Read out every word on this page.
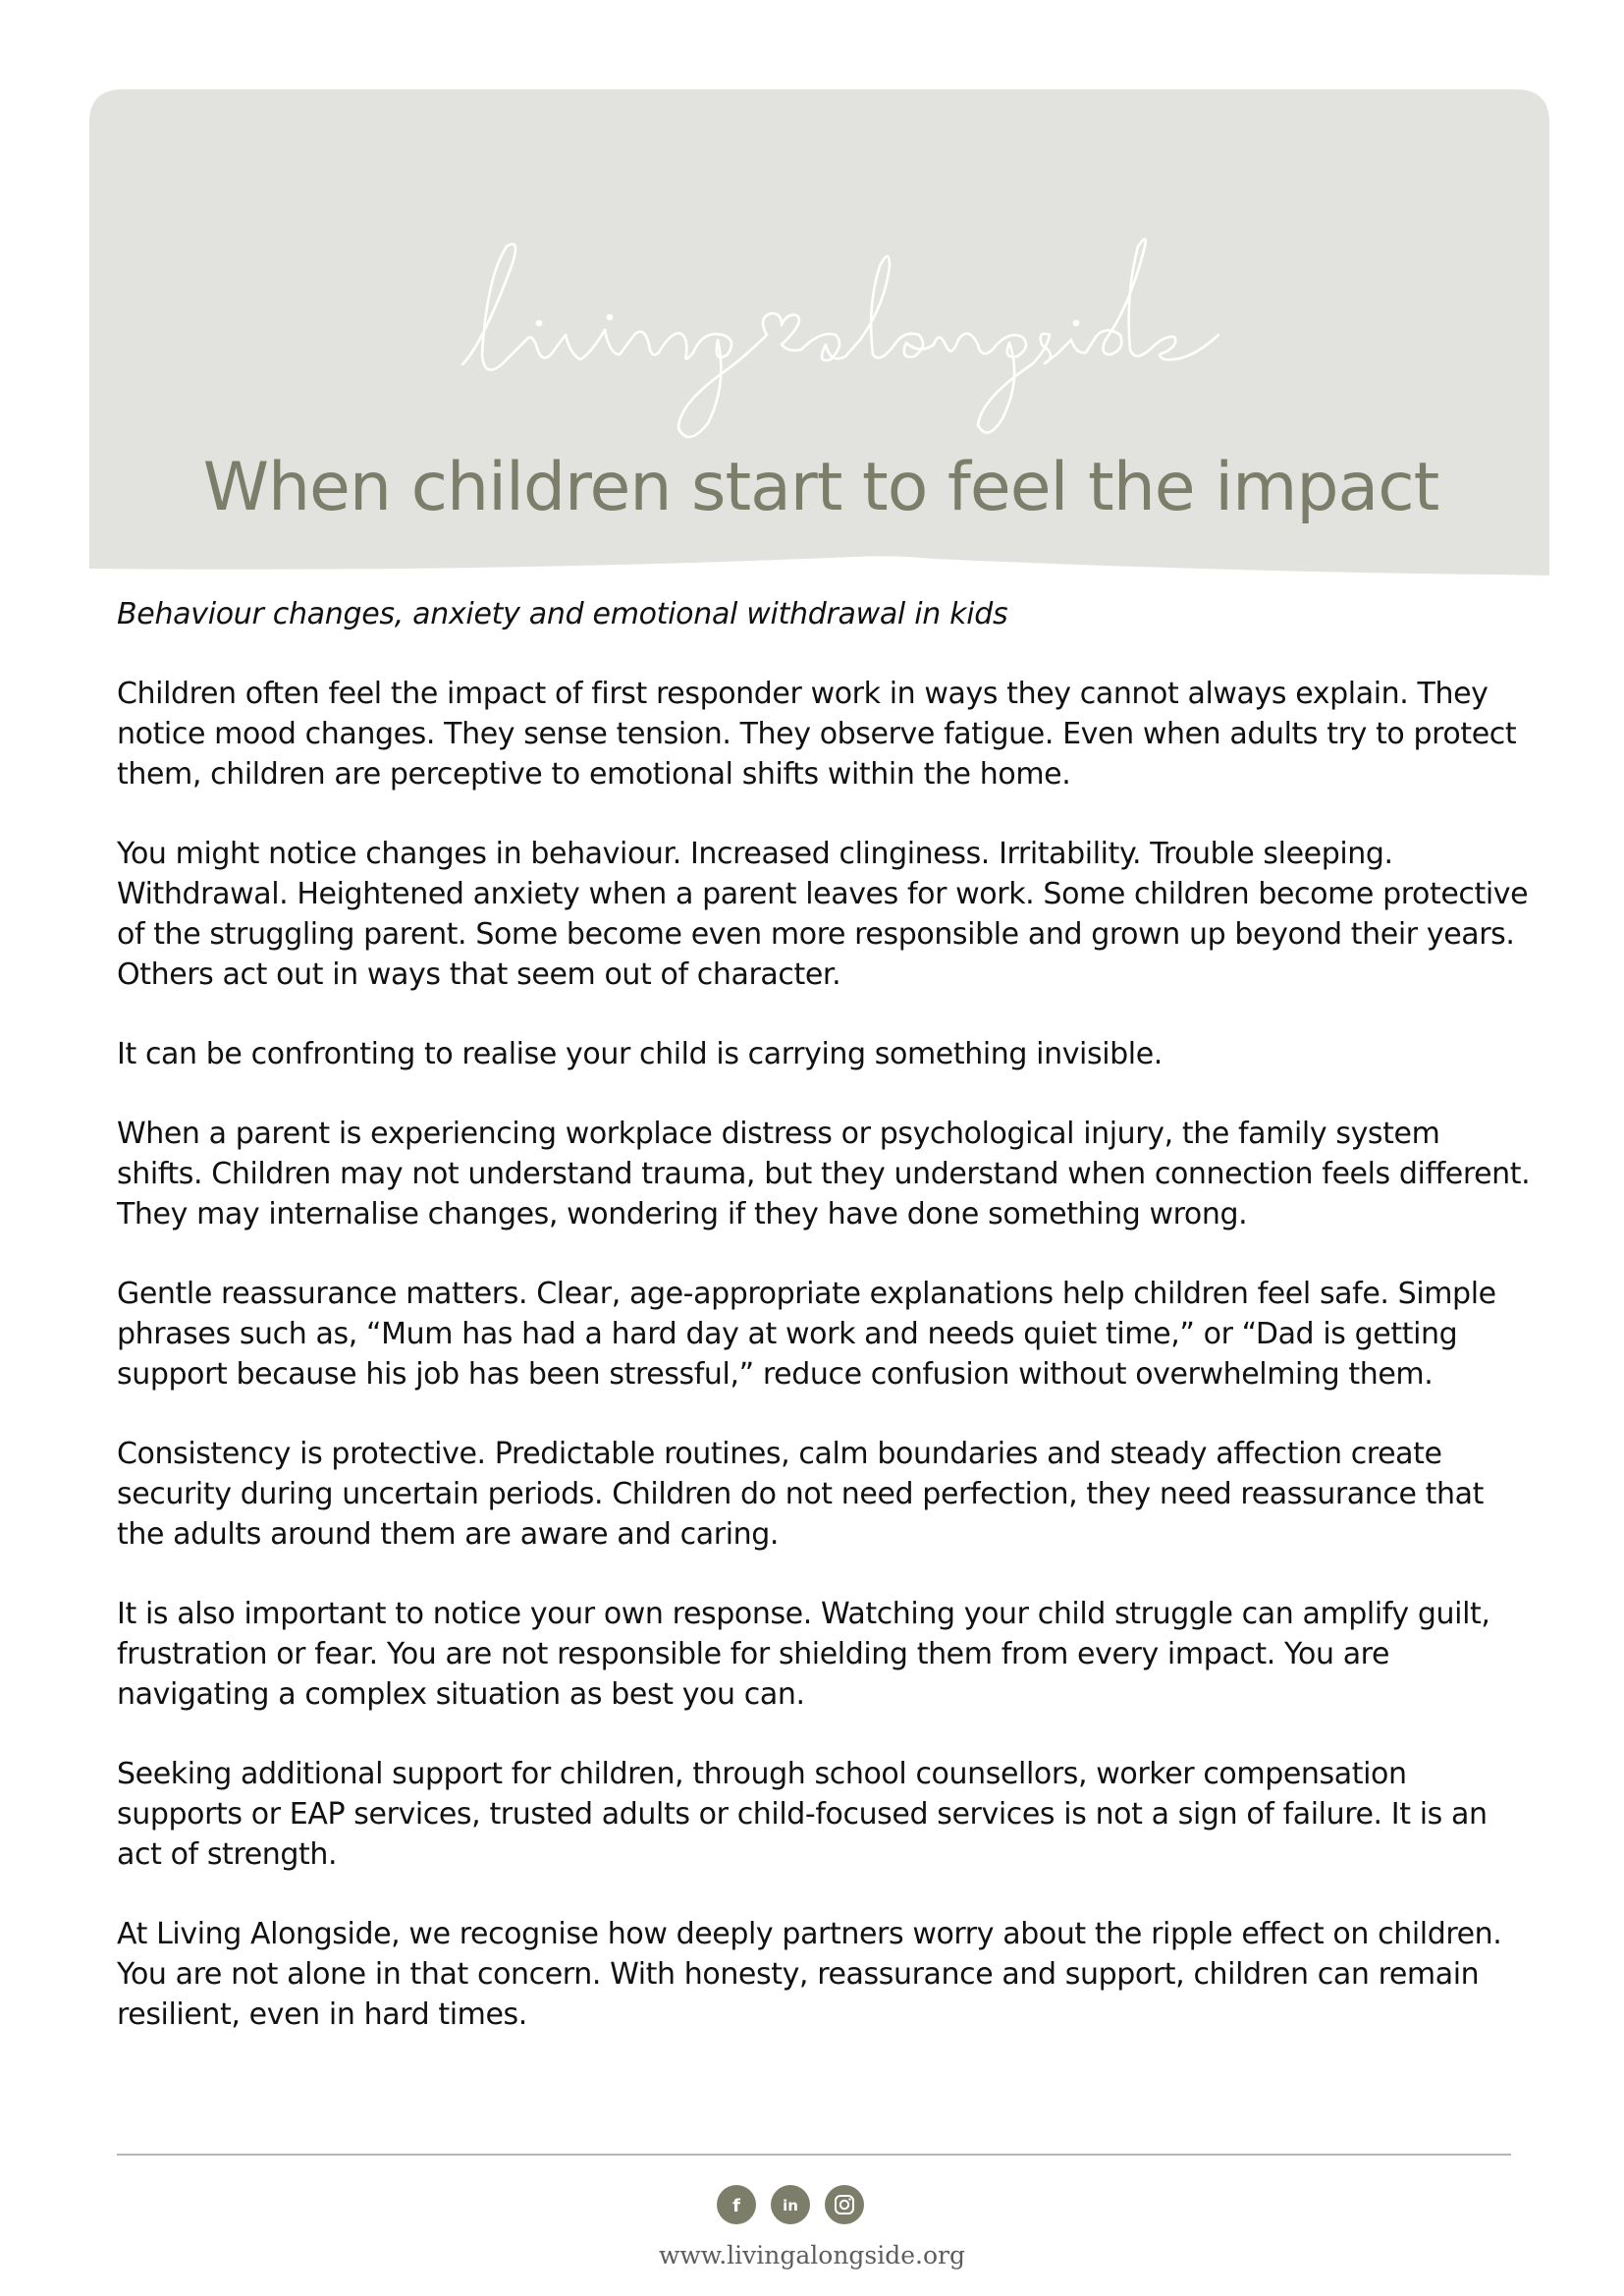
When children start to feel the impact

Behaviour changes, anxiety and emotional withdrawal in kids

Children often feel the impact of first responder work in ways they cannot always explain. They notice mood changes. They sense tension. They observe fatigue. Even when adults try to protect them, children are perceptive to emotional shifts within the home.

You might notice changes in behaviour. Increased clinginess. Irritability. Trouble sleeping. Withdrawal. Heightened anxiety when a parent leaves for work. Some children become protective of the struggling parent. Some become even more responsible and grown up beyond their years. Others act out in ways that seem out of character.

It can be confronting to realise your child is carrying something invisible.

When a parent is experiencing workplace distress or psychological injury, the family system shifts. Children may not understand trauma, but they understand when connection feels different. They may internalise changes, wondering if they have done something wrong.

Gentle reassurance matters. Clear, age-appropriate explanations help children feel safe. Simple phrases such as, “Mum has had a hard day at work and needs quiet time,” or “Dad is getting support because his job has been stressful,” reduce confusion without overwhelming them.

Consistency is protective. Predictable routines, calm boundaries and steady affection create security during uncertain periods. Children do not need perfection, they need reassurance that the adults around them are aware and caring.

It is also important to notice your own response. Watching your child struggle can amplify guilt, frustration or fear. You are not responsible for shielding them from every impact. You are navigating a complex situation as best you can.

Seeking additional support for children, through school counsellors, worker compensation supports or EAP services, trusted adults or child-focused services is not a sign of failure. It is an act of strength.

At Living Alongside, we recognise how deeply partners worry about the ripple effect on children. You are not alone in that concern. With honesty, reassurance and support, children can remain resilient, even in hard times.

f	in
www.livingalongside.org
